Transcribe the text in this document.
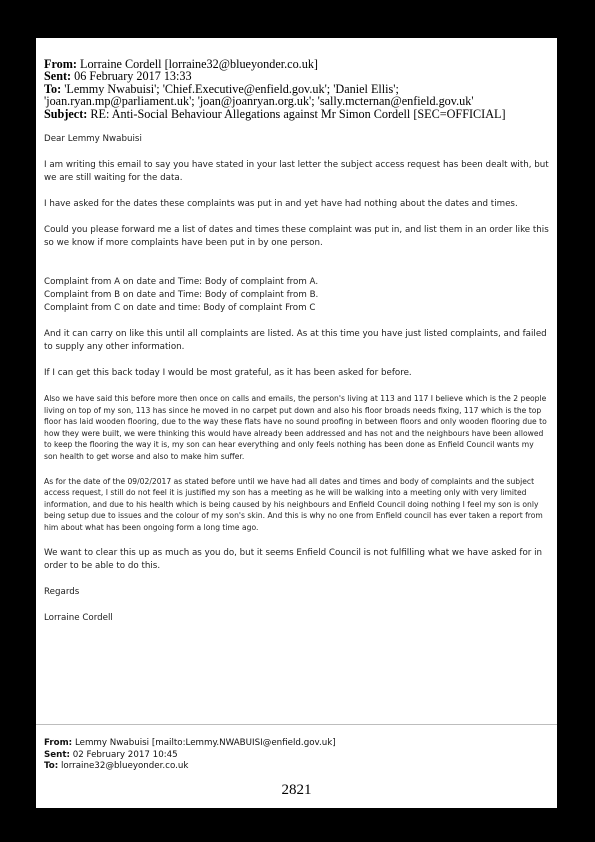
From: Lorraine Cordell [lorraine32@blueyonder.co.uk]
Sent: 06 February 2017 13:33
To: 'Lemmy Nwabuisi'; 'Chief.Executive@enfield.gov.uk'; 'Daniel Ellis';
'joan.ryan.mp@parliament.uk'; 'joan@joanryan.org.uk'; 'sally.mcternan@enfield.gov.uk'
Subject: RE: Anti-Social Behaviour Allegations against Mr Simon Cordell [SEC=OFFICIAL]

Dear Lemmy Nwabuisi

I am writing this email to say you have stated in your last letter the subject access request has been dealt with, but we are still waiting for the data.

I have asked for the dates these complaints was put in and yet have had nothing about the dates and times.

Could you please forward me a list of dates and times these complaint was put in, and list them in an order like this so we know if more complaints have been put in by one person.

Complaint from A on date and Time: Body of complaint from A.

Complaint from B on date and Time: Body of complaint from B.

Complaint from C on date and time: Body of complaint From C

And it can carry on like this until all complaints are listed. As at this time you have just listed complaints, and failed to supply any other information.

If I can get this back today I would be most grateful, as it has been asked for before.

Also we have said this before more then once on calls and emails, the person's living at 113 and 117 I believe which is the 2 people living on top of my son, 113 has since he moved in no carpet put down and also his floor broads needs fixing, 117 which is the top floor has laid wooden flooring, due to the way these flats have no sound proofing in between floors and only wooden flooring due to how they were built, we were thinking this would have already been addressed and has not and the neighbours have been allowed to keep the flooring the way it is, my son can hear everything and only feels nothing has been done as Enfield Council wants my son health to get worse and also to make him suffer.

As for the date of the 09/02/2017 as stated before until we have had all dates and times and body of complaints and the subject access request, I still do not feel it is justified my son has a meeting as he will be walking into a meeting only with very limited information, and due to his health which is being caused by his neighbours and Enfield Council doing nothing I feel my son is only being setup due to issues and the colour of my son's skin. And this is why no one from Enfield council has ever taken a report from him about what has been ongoing form a long time ago.

We want to clear this up as much as you do, but it seems Enfield Council is not fulfilling what we have asked for in order to be able to do this.

Regards

Lorraine Cordell

From: Lemmy Nwabuisi [mailto:Lemmy.NWABUISI@enfield.gov.uk]
Sent: 02 February 2017 10:45
To: lorraine32@blueyonder.co.uk
2821
